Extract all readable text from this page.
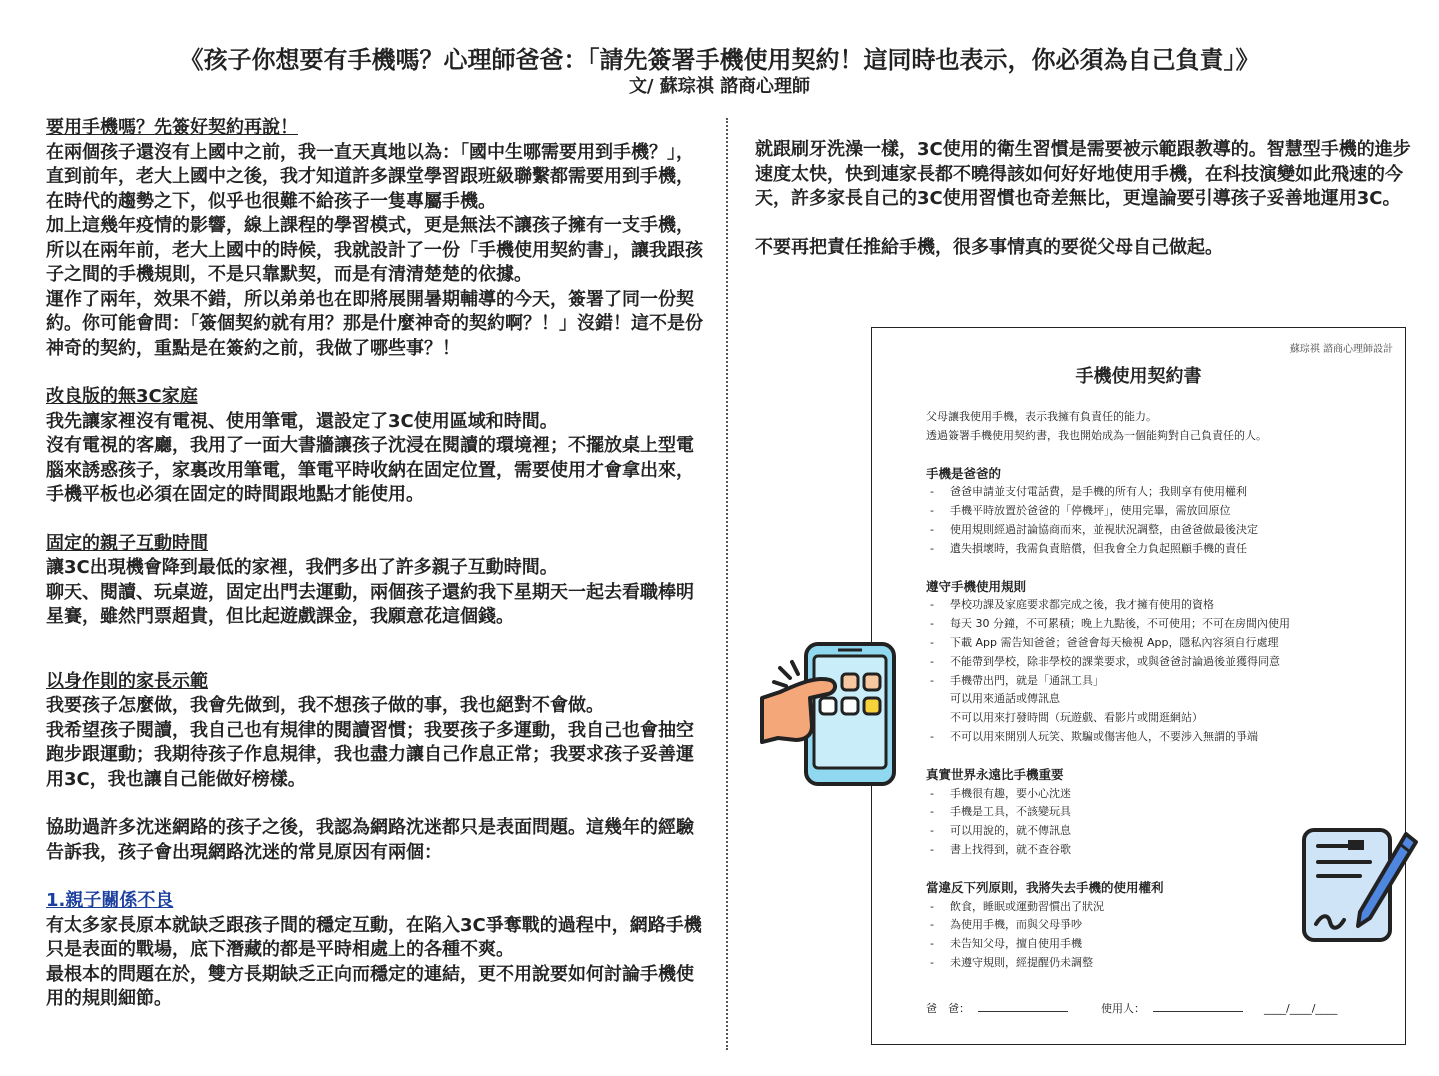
《孩子你想要有手機嗎？心理師爸爸：「請先簽署手機使用契約！這同時也表示，你必須為自己負責」》
文/ 蘇琮祺 諮商心理師

要用手機嗎？先簽好契約再說！

在兩個孩子還沒有上國中之前，我一直天真地以為：「國中生哪需要用到手機？」，直到前年，老大上國中之後，我才知道許多課堂學習跟班級聯繫都需要用到手機，在時代的趨勢之下，似乎也很難不給孩子一隻專屬手機。

加上這幾年疫情的影響，線上課程的學習模式，更是無法不讓孩子擁有一支手機，所以在兩年前，老大上國中的時候，我就設計了一份「手機使用契約書」，讓我跟孩子之間的手機規則，不是只靠默契，而是有清清楚楚的依據。

運作了兩年，效果不錯，所以弟弟也在即將展開暑期輔導的今天，簽署了同一份契約。你可能會問：「簽個契約就有用？那是什麼神奇的契約啊？！」沒錯！這不是份神奇的契約，重點是在簽約之前，我做了哪些事？！

改良版的無3C家庭

我先讓家裡沒有電視、使用筆電，還設定了3C使用區域和時間。

沒有電視的客廳，我用了一面大書牆讓孩子沈浸在閱讀的環境裡；不擺放桌上型電腦來誘惑孩子，家裏改用筆電，筆電平時收納在固定位置，需要使用才會拿出來，手機平板也必須在固定的時間跟地點才能使用。

固定的親子互動時間

讓3C出現機會降到最低的家裡，我們多出了許多親子互動時間。

聊天、閱讀、玩桌遊，固定出門去運動，兩個孩子還約我下星期天一起去看職棒明星賽，雖然門票超貴，但比起遊戲課金，我願意花這個錢。

以身作則的家長示範

我要孩子怎麼做，我會先做到，我不想孩子做的事，我也絕對不會做。

我希望孩子閱讀，我自己也有規律的閱讀習慣；我要孩子多運動，我自己也會抽空跑步跟運動；我期待孩子作息規律，我也盡力讓自己作息正常；我要求孩子妥善運用3C，我也讓自己能做好榜樣。

協助過許多沈迷網路的孩子之後，我認為網路沈迷都只是表面問題。這幾年的經驗告訴我，孩子會出現網路沈迷的常見原因有兩個：

1.親子關係不良

有太多家長原本就缺乏跟孩子間的穩定互動，在陷入3C爭奪戰的過程中，網路手機只是表面的戰場，底下潛藏的都是平時相處上的各種不爽。

最根本的問題在於，雙方長期缺乏正向而穩定的連結，更不用說要如何討論手機使用的規則細節。

就跟刷牙洗澡一樣，3C使用的衛生習慣是需要被示範跟教導的。智慧型手機的進步速度太快，快到連家長都不曉得該如何好好地使用手機，在科技演變如此飛速的今天，許多家長自己的3C使用習慣也奇差無比，更遑論要引導孩子妥善地運用3C。

不要再把責任推給手機，很多事情真的要從父母自己做起。

蘇琮祺 諮商心理師設計
手機使用契約書

父母讓我使用手機，表示我擁有負責任的能力。

透過簽署手機使用契約書，我也開始成為一個能夠對自己負責任的人。

手機是爸爸的

- 爸爸申請並支付電話費，是手機的所有人；我則享有使用權利

- 手機平時放置於爸爸的「停機坪」，使用完畢，需放回原位

- 使用規則經過討論協商而來，並視狀況調整，由爸爸做最後決定

- 遺失損壞時，我需負責賠償，但我會全力負起照顧手機的責任

遵守手機使用規則

- 學校功課及家庭要求都完成之後，我才擁有使用的資格

- 每天 30 分鐘，不可累積；晚上九點後，不可使用；不可在房間內使用

- 下載 App 需告知爸爸；爸爸會每天檢視 App，隱私內容須自行處理

- 不能帶到學校，除非學校的課業要求，或與爸爸討論過後並獲得同意

- 手機帶出門，就是「通訊工具」

可以用來通話或傳訊息

不可以用來打發時間（玩遊戲、看影片或閒逛網站）

- 不可以用來開別人玩笑、欺騙或傷害他人，不要涉入無謂的爭端

真實世界永遠比手機重要

- 手機很有趣，要小心沈迷

- 手機是工具，不該變玩具

- 可以用說的，就不傳訊息

- 書上找得到，就不查谷歌

當違反下列原則，我將失去手機的使用權利

- 飲食，睡眠或運動習慣出了狀況

- 為使用手機，而與父母爭吵

- 未告知父母，擅自使用手機

- 未遵守規則，經提醒仍未調整

爸　爸：	使用人：	____/____/____
